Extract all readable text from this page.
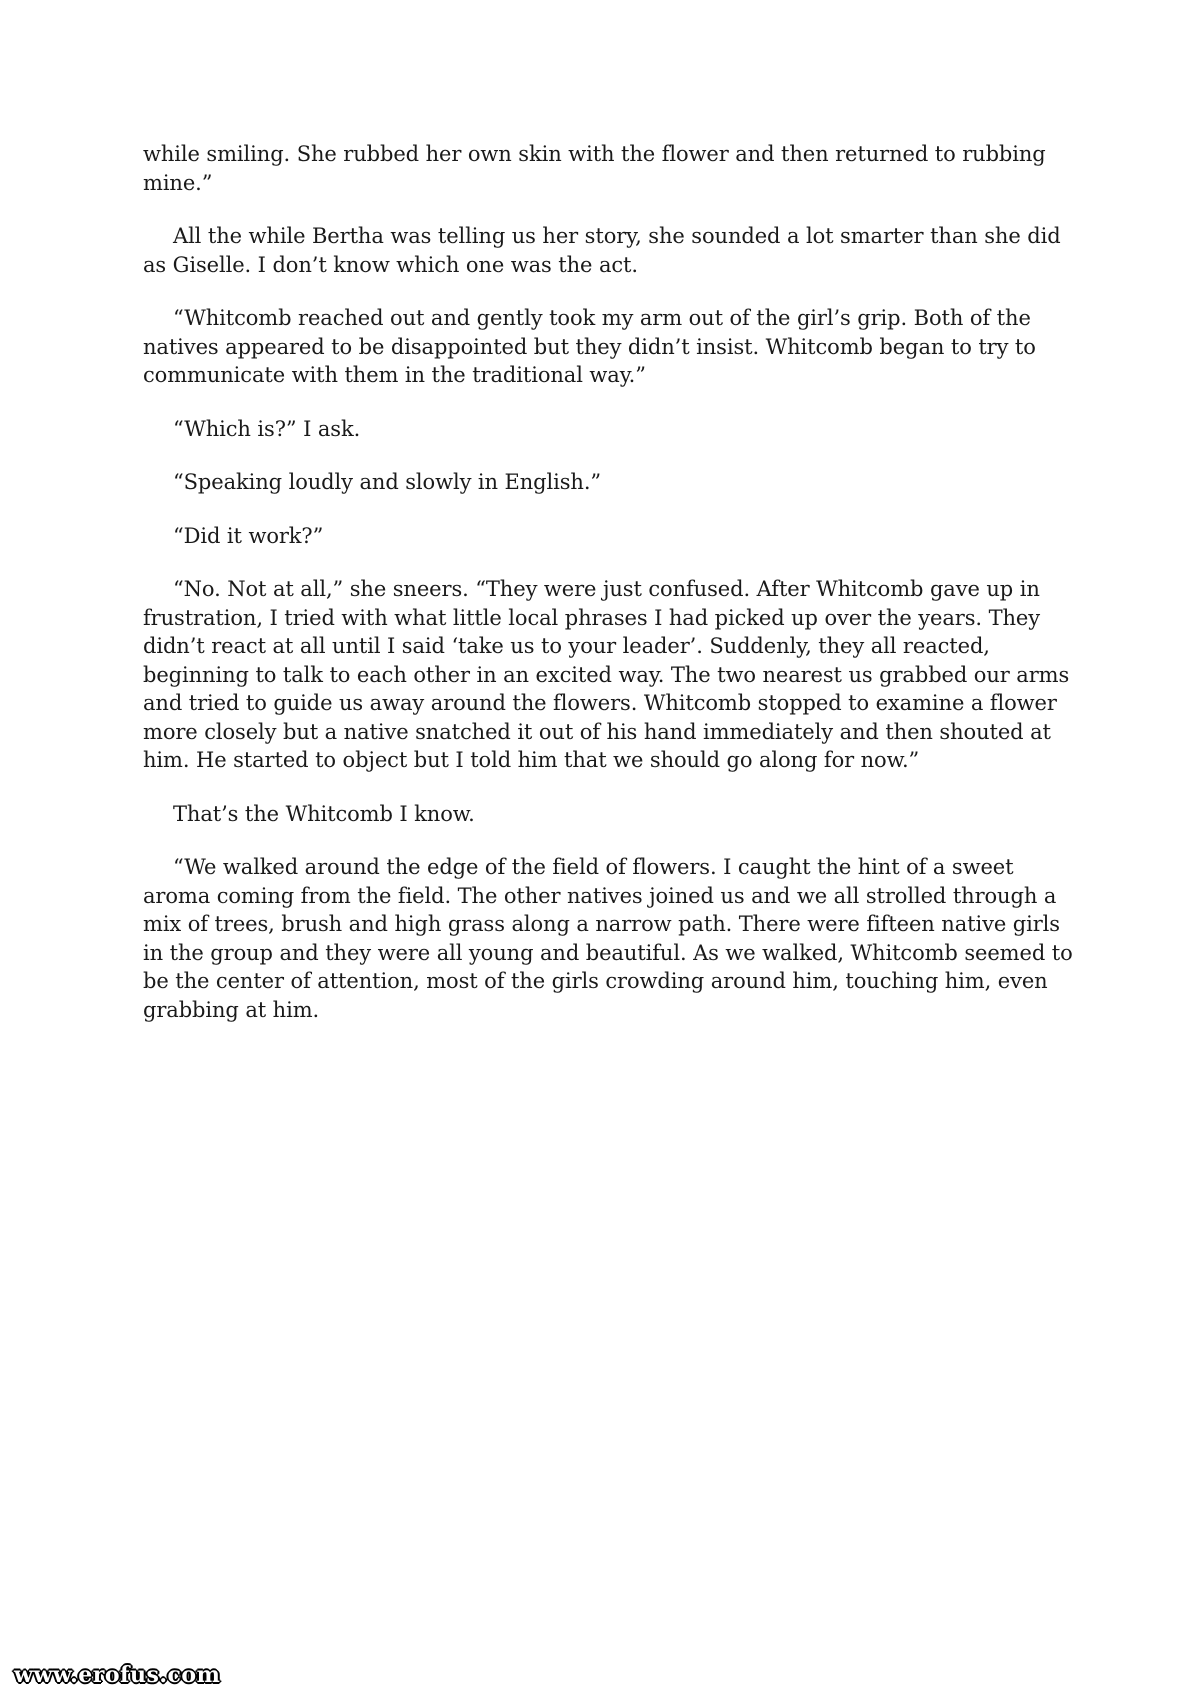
while smiling. She rubbed her own skin with the flower and then returned to rubbing mine.”

All the while Bertha was telling us her story, she sounded a lot smarter than she did as Giselle. I don’t know which one was the act.

“Whitcomb reached out and gently took my arm out of the girl’s grip. Both of the natives appeared to be disappointed but they didn’t insist. Whitcomb began to try to communicate with them in the traditional way.”

“Which is?” I ask.

“Speaking loudly and slowly in English.”

“Did it work?”

“No. Not at all,” she sneers. “They were just confused. After Whitcomb gave up in frustration, I tried with what little local phrases I had picked up over the years. They didn’t react at all until I said ‘take us to your leader’. Suddenly, they all reacted, beginning to talk to each other in an excited way. The two nearest us grabbed our arms and tried to guide us away around the flowers. Whitcomb stopped to examine a flower more closely but a native snatched it out of his hand immediately and then shouted at him. He started to object but I told him that we should go along for now.”

That’s the Whitcomb I know.

“We walked around the edge of the field of flowers. I caught the hint of a sweet aroma coming from the field. The other natives joined us and we all strolled through a mix of trees, brush and high grass along a narrow path. There were fifteen native girls in the group and they were all young and beautiful. As we walked, Whitcomb seemed to be the center of attention, most of the girls crowding around him, touching him, even grabbing at him.

www.erofus.com
